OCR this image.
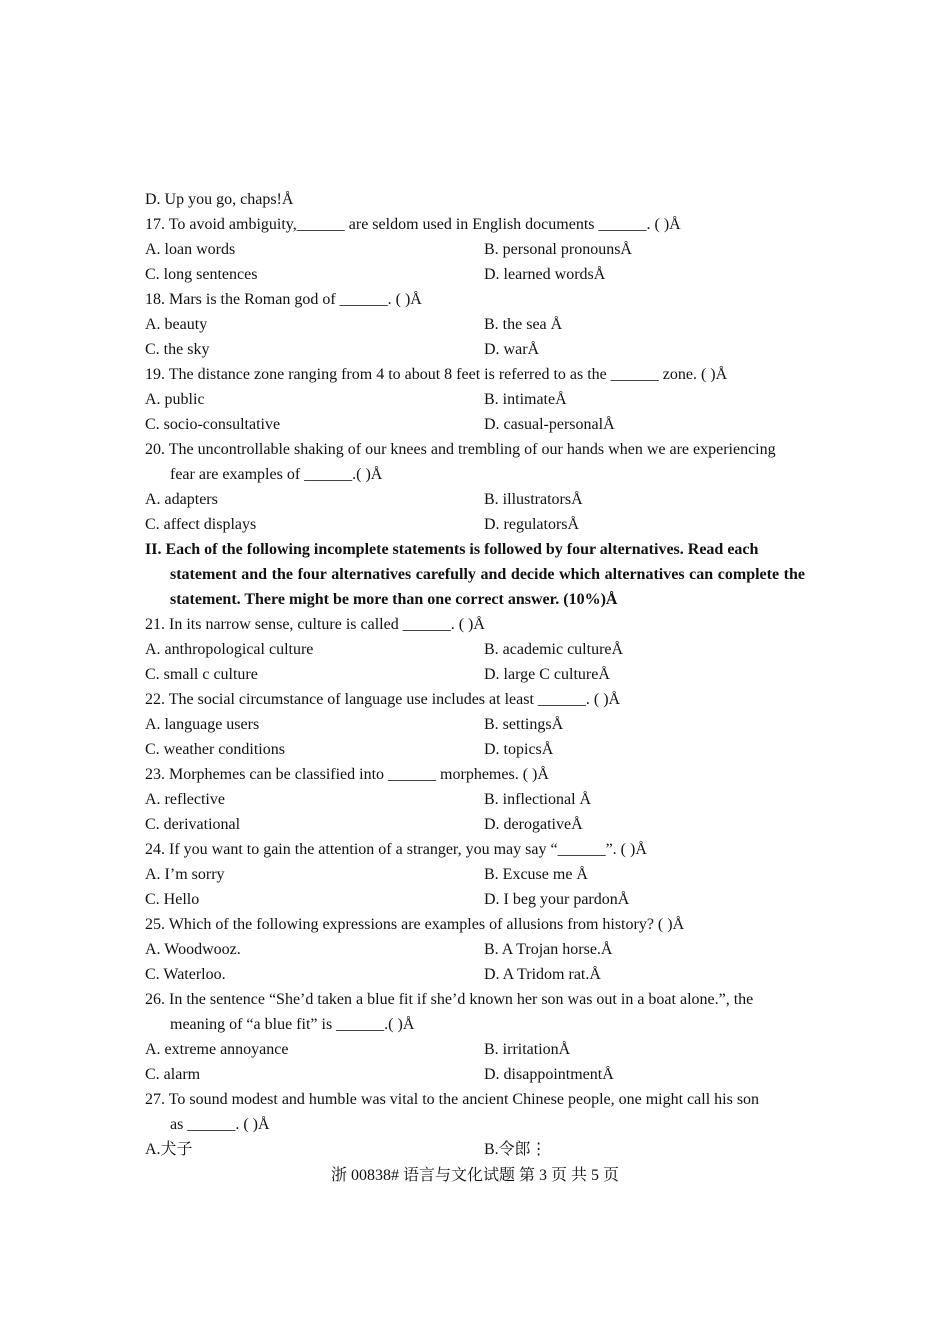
D. Up you go, chaps!Å
17. To avoid ambiguity,______ are seldom used in English documents ______. ( )Å
A. loan words	B. personal pronounsÅ
C. long sentences	D. learned wordsÅ
18. Mars is the Roman god of ______. ( )Å
A. beauty	B. the sea Å
C. the sky	D. warÅ
19. The distance zone ranging from 4 to about 8 feet is referred to as the ______ zone. ( )Å
A. public	B. intimateÅ
C. socio-consultative	D. casual-personalÅ
20. The uncontrollable shaking of our knees and trembling of our hands when we are experiencing
fear are examples of ______.( )Å
A. adapters	B. illustratorsÅ
C. affect displays	D. regulatorsÅ
II. Each of the following incomplete statements is followed by four alternatives. Read each
statement and the four alternatives carefully and decide which alternatives can complete the statement. There might be more than one correct answer. (10%)Å
21. In its narrow sense, culture is called ______. ( )Å
A. anthropological culture	B. academic cultureÅ
C. small c culture	D. large C cultureÅ
22. The social circumstance of language use includes at least ______. ( )Å
A. language users	B. settingsÅ
C. weather conditions	D. topicsÅ
23. Morphemes can be classified into ______ morphemes. ( )Å
A. reflective	B. inflectional Å
C. derivational	D. derogativeÅ
24. If you want to gain the attention of a stranger, you may say “______”. ( )Å
A. I’m sorry	B. Excuse me Å
C. Hello	D. I beg your pardonÅ
25. Which of the following expressions are examples of allusions from history? ( )Å
A. Woodwooz.	B. A Trojan horse.Å
C. Waterloo.	D. A Tridom rat.Å
26. In the sentence “She’d taken a blue fit if she’d known her son was out in a boat alone.”, the
meaning of “a blue fit” is ______.( )Å
A. extreme annoyance	B. irritationÅ
C. alarm	D. disappointmentÅ
27. To sound modest and humble was vital to the ancient Chinese people, one might call his son
as ______. ( )Å
A.犬子	B.令郎⋮
浙 00838# 语言与文化试题 第 3 页 共 5 页
